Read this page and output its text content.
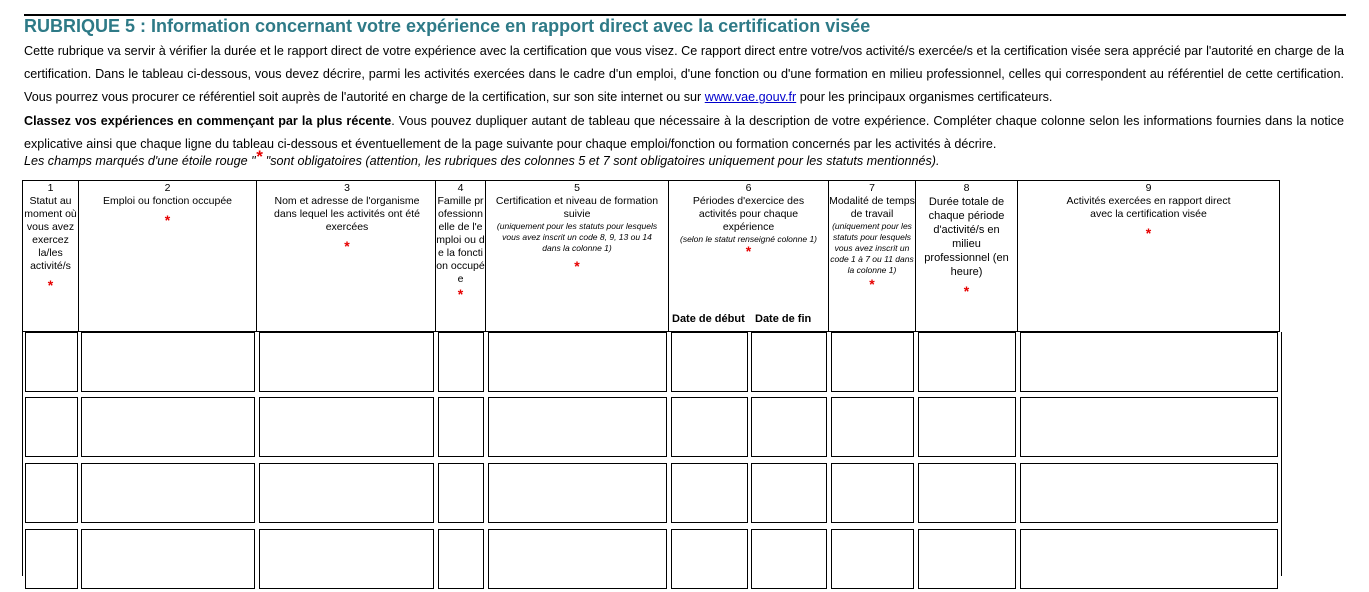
RUBRIQUE 5 : Information concernant votre expérience en rapport direct avec la certification visée

Cette rubrique va servir à vérifier la durée et le rapport direct de votre expérience avec la certification que vous visez. Ce rapport direct entre votre/vos activité/s exercée/s et la certification visée sera apprécié par l'autorité en charge de la certification. Dans le tableau ci-dessous, vous devez décrire, parmi les activités exercées dans le cadre d'un emploi, d'une fonction ou d'une formation en milieu professionnel, celles qui correspondent au référentiel de cette certification. Vous pourrez vous procurer ce référentiel soit auprès de l'autorité en charge de la certification, sur son site internet ou sur www.vae.gouv.fr pour les principaux organismes certificateurs.

Classez vos expériences en commençant par la plus récente. Vous pouvez dupliquer autant de tableau que nécessaire à la description de votre expérience. Compléter chaque colonne selon les informations fournies dans la notice explicative ainsi que chaque ligne du tableau ci-dessous et éventuellement de la page suivante pour chaque emploi/fonction ou formation concernés par les activités à décrire.

Les champs marqués d'une étoile rouge "* "sont obligatoires (attention, les rubriques des colonnes 5 et 7 sont obligatoires uniquement pour les statuts mentionnés).
1
Statut au moment où vous avez exercez la/les activité/s
*
2
Emploi ou fonction occupée
*
3
Nom et adresse de l'organisme dans lequel les activités ont été exercées
*
4
Famille professionnelle de l'emploi ou de la fonction occupée
*
5
Certification et niveau de formation suivie
(uniquement pour les statuts pour lesquels vous avez inscrit un code 8, 9, 13 ou 14 dans la colonne 1)
*
6
Périodes d'exercice des activités pour chaque expérience
(selon le statut renseigné colonne 1)
*
Date de début Date de fin
7
Modalité de temps de travail
(uniquement pour les statuts pour lesquels vous avez inscrit un code 1 à 7 ou 11 dans la colonne 1)
*
8
Durée totale de chaque période d'activité/s en milieu professionnel (en heure)
*
9
Activités exercées en rapport direct avec la certification visée
*
